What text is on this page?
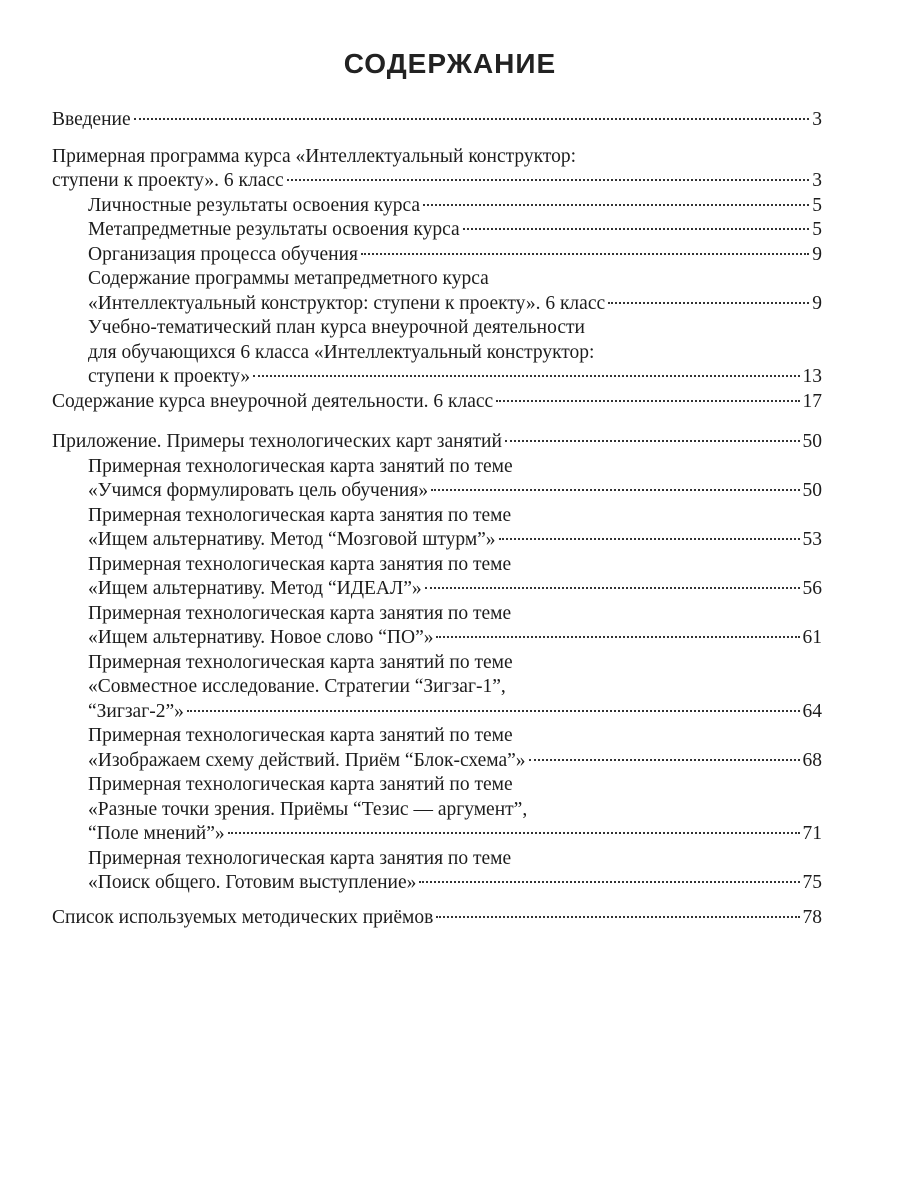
СОДЕРЖАНИЕ
Введение	3
Примерная программа курса «Интеллектуальный конструктор:
ступени к проекту». 6 класс	3
Личностные результаты освоения курса	5
Метапредметные результаты освоения курса	5
Организация процесса обучения	9
Содержание программы метапредметного курса
«Интеллектуальный конструктор: ступени к проекту». 6 класс	9
Учебно-тематический план курса внеурочной деятельности
для обучающихся 6 класса «Интеллектуальный конструктор:
ступени к проекту»	13
Содержание курса внеурочной деятельности. 6 класс	17
Приложение. Примеры технологических карт занятий	50
Примерная технологическая карта занятий по теме
«Учимся формулировать цель обучения»	50
Примерная технологическая карта занятия по теме
«Ищем альтернативу. Метод “Мозговой штурм”»	53
Примерная технологическая карта занятия по теме
«Ищем альтернативу. Метод “ИДЕАЛ”»	56
Примерная технологическая карта занятия по теме
«Ищем альтернативу. Новое слово “ПО”»	61
Примерная технологическая карта занятий по теме
«Совместное исследование. Стратегии “Зигзаг-1”,
“Зигзаг-2”»	64
Примерная технологическая карта занятий по теме
«Изображаем схему действий. Приём “Блок-схема”»	68
Примерная технологическая карта занятий по теме
«Разные точки зрения. Приёмы “Тезис — аргумент”,
“Поле мнений”»	71
Примерная технологическая карта занятия по теме
«Поиск общего. Готовим выступление»	75
Список используемых методических приёмов	78
